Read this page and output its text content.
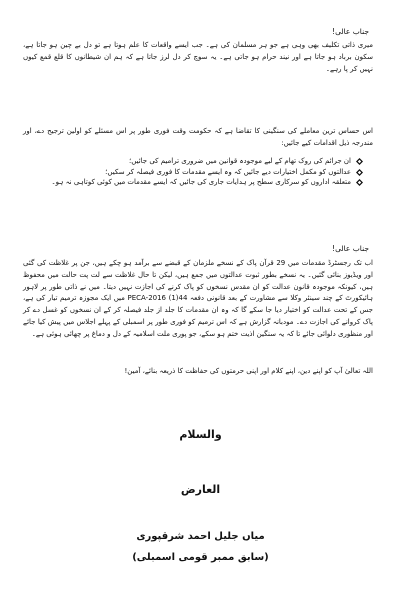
جناب عالی!
میری ذاتی تکلیف بھی وہی ہے جو ہر مسلمان کی ہے۔ جب ایسے واقعات کا علم ہوتا ہے تو دل بے چین ہو جاتا ہے، سکون برباد ہو جاتا ہے اور نیند حرام ہو جاتی ہے۔ یہ سوچ کر دل لرز جاتا ہے کہ ہم ان شیطانوں کا قلع قمع کیوں نہیں کر پا رہے۔
اس حساس ترین معاملے کی سنگینی کا تقاضا ہے کہ حکومت وقت فوری طور پر اس مسئلے کو اولین ترجیح دے، اور مندرجہ ذیل اقدامات کیے جائیں:
ان جرائم کی روک تھام کے لیے موجودہ قوانین میں ضروری ترامیم کی جائیں؛
عدالتوں کو مکمل اختیارات دیے جائیں کہ وہ ایسے مقدمات کا فوری فیصلہ کر سکیں؛
متعلقہ اداروں کو سرکاری سطح پر ہدایات جاری کی جائیں کہ ایسے مقدمات میں کوئی کوتاہی نہ ہو۔
جناب عالی!
اب تک رجسٹرڈ مقدمات میں 29 قرآن پاک کے نسخے ملزمان کے قبضے سے برآمد ہو چکے ہیں، جن پر غلاظت کی گئی اور ویڈیوز بنائی گئیں۔ یہ نسخے بطور ثبوت عدالتوں میں جمع ہیں، لیکن تا حال غلاظت سے لت پت حالت میں محفوظ ہیں، کیونکہ موجودہ قانون عدالت کو ان مقدس نسخوں کو پاک کرنے کی اجازت نہیں دیتا۔ میں نے ذاتی طور پر لاہور ہائیکورٹ کے چند سینئر وکلا سے مشاورت کے بعد قانونی دفعہ PECA-2016 (1)44 میں ایک مجوزہ ترمیم تیار کی ہے، جس کے تحت عدالت کو اختیار دیا جا سکے گا کہ وہ ان مقدمات کا جلد از جلد فیصلہ کر کے ان نسخوں کو غسل دے کر پاک کروانے کی اجازت دے۔ مودبانہ گزارش ہے کہ اس ترمیم کو فوری طور پر اسمبلی کے پہلے اجلاس میں پیش کیا جائے اور منظوری دلوائی جائے تا کہ یہ سنگین اذیت ختم ہو سکے، جو پوری ملت اسلامیہ کے دل و دماغ پر چھائی ہوئی ہے۔
اللہ تعالیٰ آپ کو اپنے دین، اپنے کلام اور اپنی حرمتوں کی حفاظت کا ذریعہ بنائے، آمین!
والسلام
العارض
میاں جلیل احمد شرقپوری
(سابق ممبر قومی اسمبلی)
